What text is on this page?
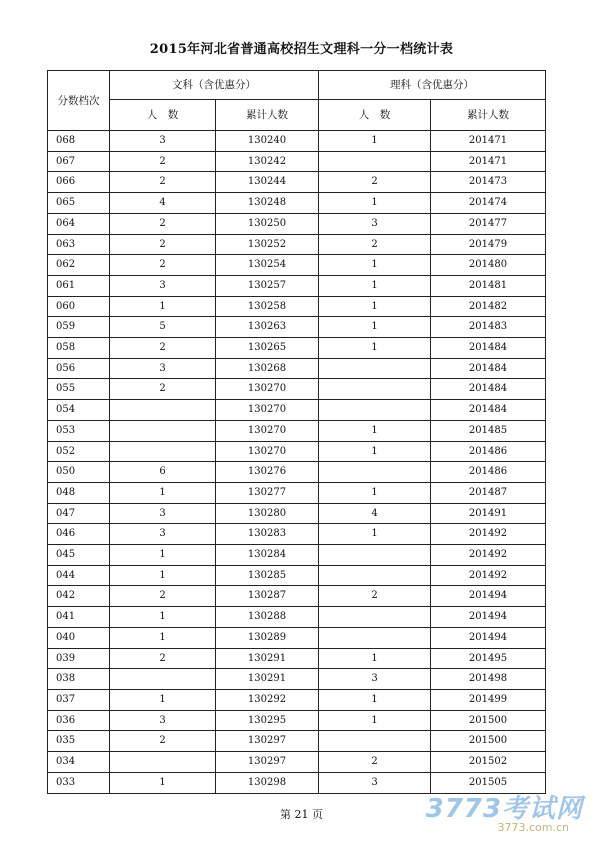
2015年河北省普通高校招生文理科一分一档统计表
分数档次	文科（含优惠分）		理科（含优惠分）	
	人　数	累计人数	人　数	累计人数
068	3	130240	1	201471
067	2	130242		201471
066	2	130244	2	201473
065	4	130248	1	201474
064	2	130250	3	201477
063	2	130252	2	201479
062	2	130254	1	201480
061	3	130257	1	201481
060	1	130258	1	201482
059	5	130263	1	201483
058	2	130265	1	201484
056	3	130268		201484
055	2	130270		201484
054		130270		201484
053		130270	1	201485
052		130270	1	201486
050	6	130276		201486
048	1	130277	1	201487
047	3	130280	4	201491
046	3	130283	1	201492
045	1	130284		201492
044	1	130285		201492
042	2	130287	2	201494
041	1	130288		201494
040	1	130289		201494
039	2	130291	1	201495
038		130291	3	201498
037	1	130292	1	201499
036	3	130295	1	201500
035	2	130297		201500
034		130297	2	201502
033	1	130298	3	201505
第 21 页	3773考试网
3773.com.cn
